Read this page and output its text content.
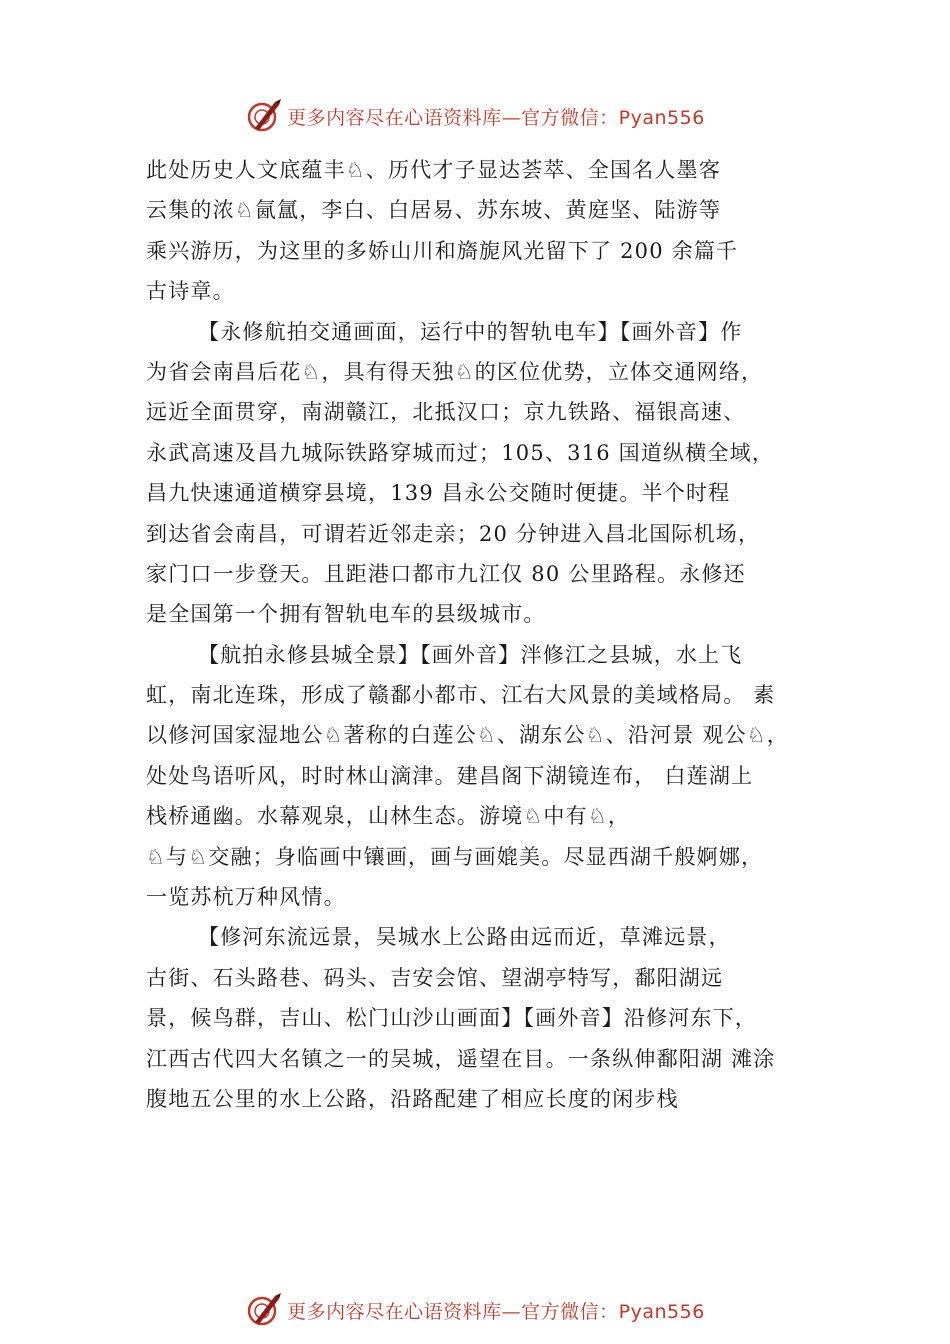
更多内容尽在心语资料库—官方微信：Pyan556
此处历史人文底蕴丰♘、历代才子显达荟萃、全国名人墨客
云集的浓♘氤氲，李白、白居易、苏东坡、黄庭坚、陆游等
乘兴游历，为这里的多娇山川和旖旎风光留下了 200 余篇千
古诗章。
【永修航拍交通画面，运行中的智轨电车】【画外音】作
为省会南昌后花♘，具有得天独♘的区位优势，立体交通网络，
远近全面贯穿，南湖赣江，北抵汉口；京九铁路、福银高速、
永武高速及昌九城际铁路穿城而过；105、316 国道纵横全域，
昌九快速通道横穿县境，139 昌永公交随时便捷。半个时程
到达省会南昌，可谓若近邻走亲；20 分钟进入昌北国际机场，
家门口一步登天。且距港口都市九江仅 80 公里路程。永修还
是全国第一个拥有智轨电车的县级城市。
【航拍永修县城全景】【画外音】泮修江之县城，水上飞
虹，南北连珠，形成了赣鄱小都市、江右大风景的美域格局。 素
以修河国家湿地公♘著称的白莲公♘、湖东公♘、沿河景 观公♘，
处处鸟语听风，时时林山滴津。建昌阁下湖镜连布， 白莲湖上
栈桥通幽。水幕观泉，山林生态。游境♘中有♘，
♘与♘交融；身临画中镶画，画与画媲美。尽显西湖千般婀娜，
一览苏杭万种风情。
【修河东流远景，吴城水上公路由远而近，草滩远景，
古街、石头路巷、码头、吉安会馆、望湖亭特写，鄱阳湖远
景，候鸟群，吉山、松门山沙山画面】【画外音】沿修河东下，
江西古代四大名镇之一的吴城，遥望在目。一条纵伸鄱阳湖 滩涂
腹地五公里的水上公路，沿路配建了相应长度的闲步栈
更多内容尽在心语资料库—官方微信：Pyan556
